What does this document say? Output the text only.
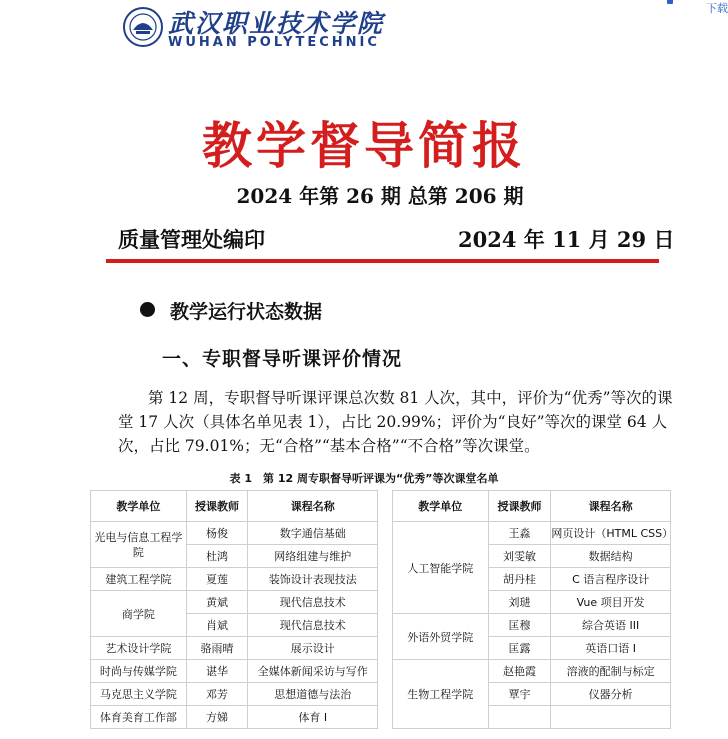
武汉职业技术学院
WUHAN POLYTECHNIC
下载
教学督导简报
2024 年第 26 期 总第 206 期
质量管理处编印	2024 年 11 月 29 日
教学运行状态数据
一、专职督导听课评价情况
第 12 周，专职督导听课评课总次数 81 人次，其中，评价为“优秀”等次的课
堂 17 人次（具体名单见表 1），占比 20.99%；评价为“良好”等次的课堂 64 人
次，占比 79.01%；无“合格”“基本合格”“不合格”等次课堂。
表 1　第 12 周专职督导听评课为“优秀”等次课堂名单
教学单位	授课教师	课程名称
光电与信息工程学院	杨俊	数字通信基础
	杜鸿	网络组建与维护
建筑工程学院	夏莲	装饰设计表现技法
商学院	黄斌	现代信息技术
	肖斌	现代信息技术
艺术设计学院	骆雨晴	展示设计
时尚与传媒学院	谌华	全媒体新闻采访与写作
马克思主义学院	邓芳	思想道德与法治
体育美育工作部	方娣	体育 I
教学单位	授课教师	课程名称
人工智能学院	王淼	网页设计（HTML CSS）
	刘雯敏	数据结构
	胡丹桂	C 语言程序设计
	刘琎	Vue 项目开发
外语外贸学院	匡穆	综合英语 III
	匡露	英语口语 I
生物工程学院	赵艳霞	溶液的配制与标定
	覃宇	仪器分析
